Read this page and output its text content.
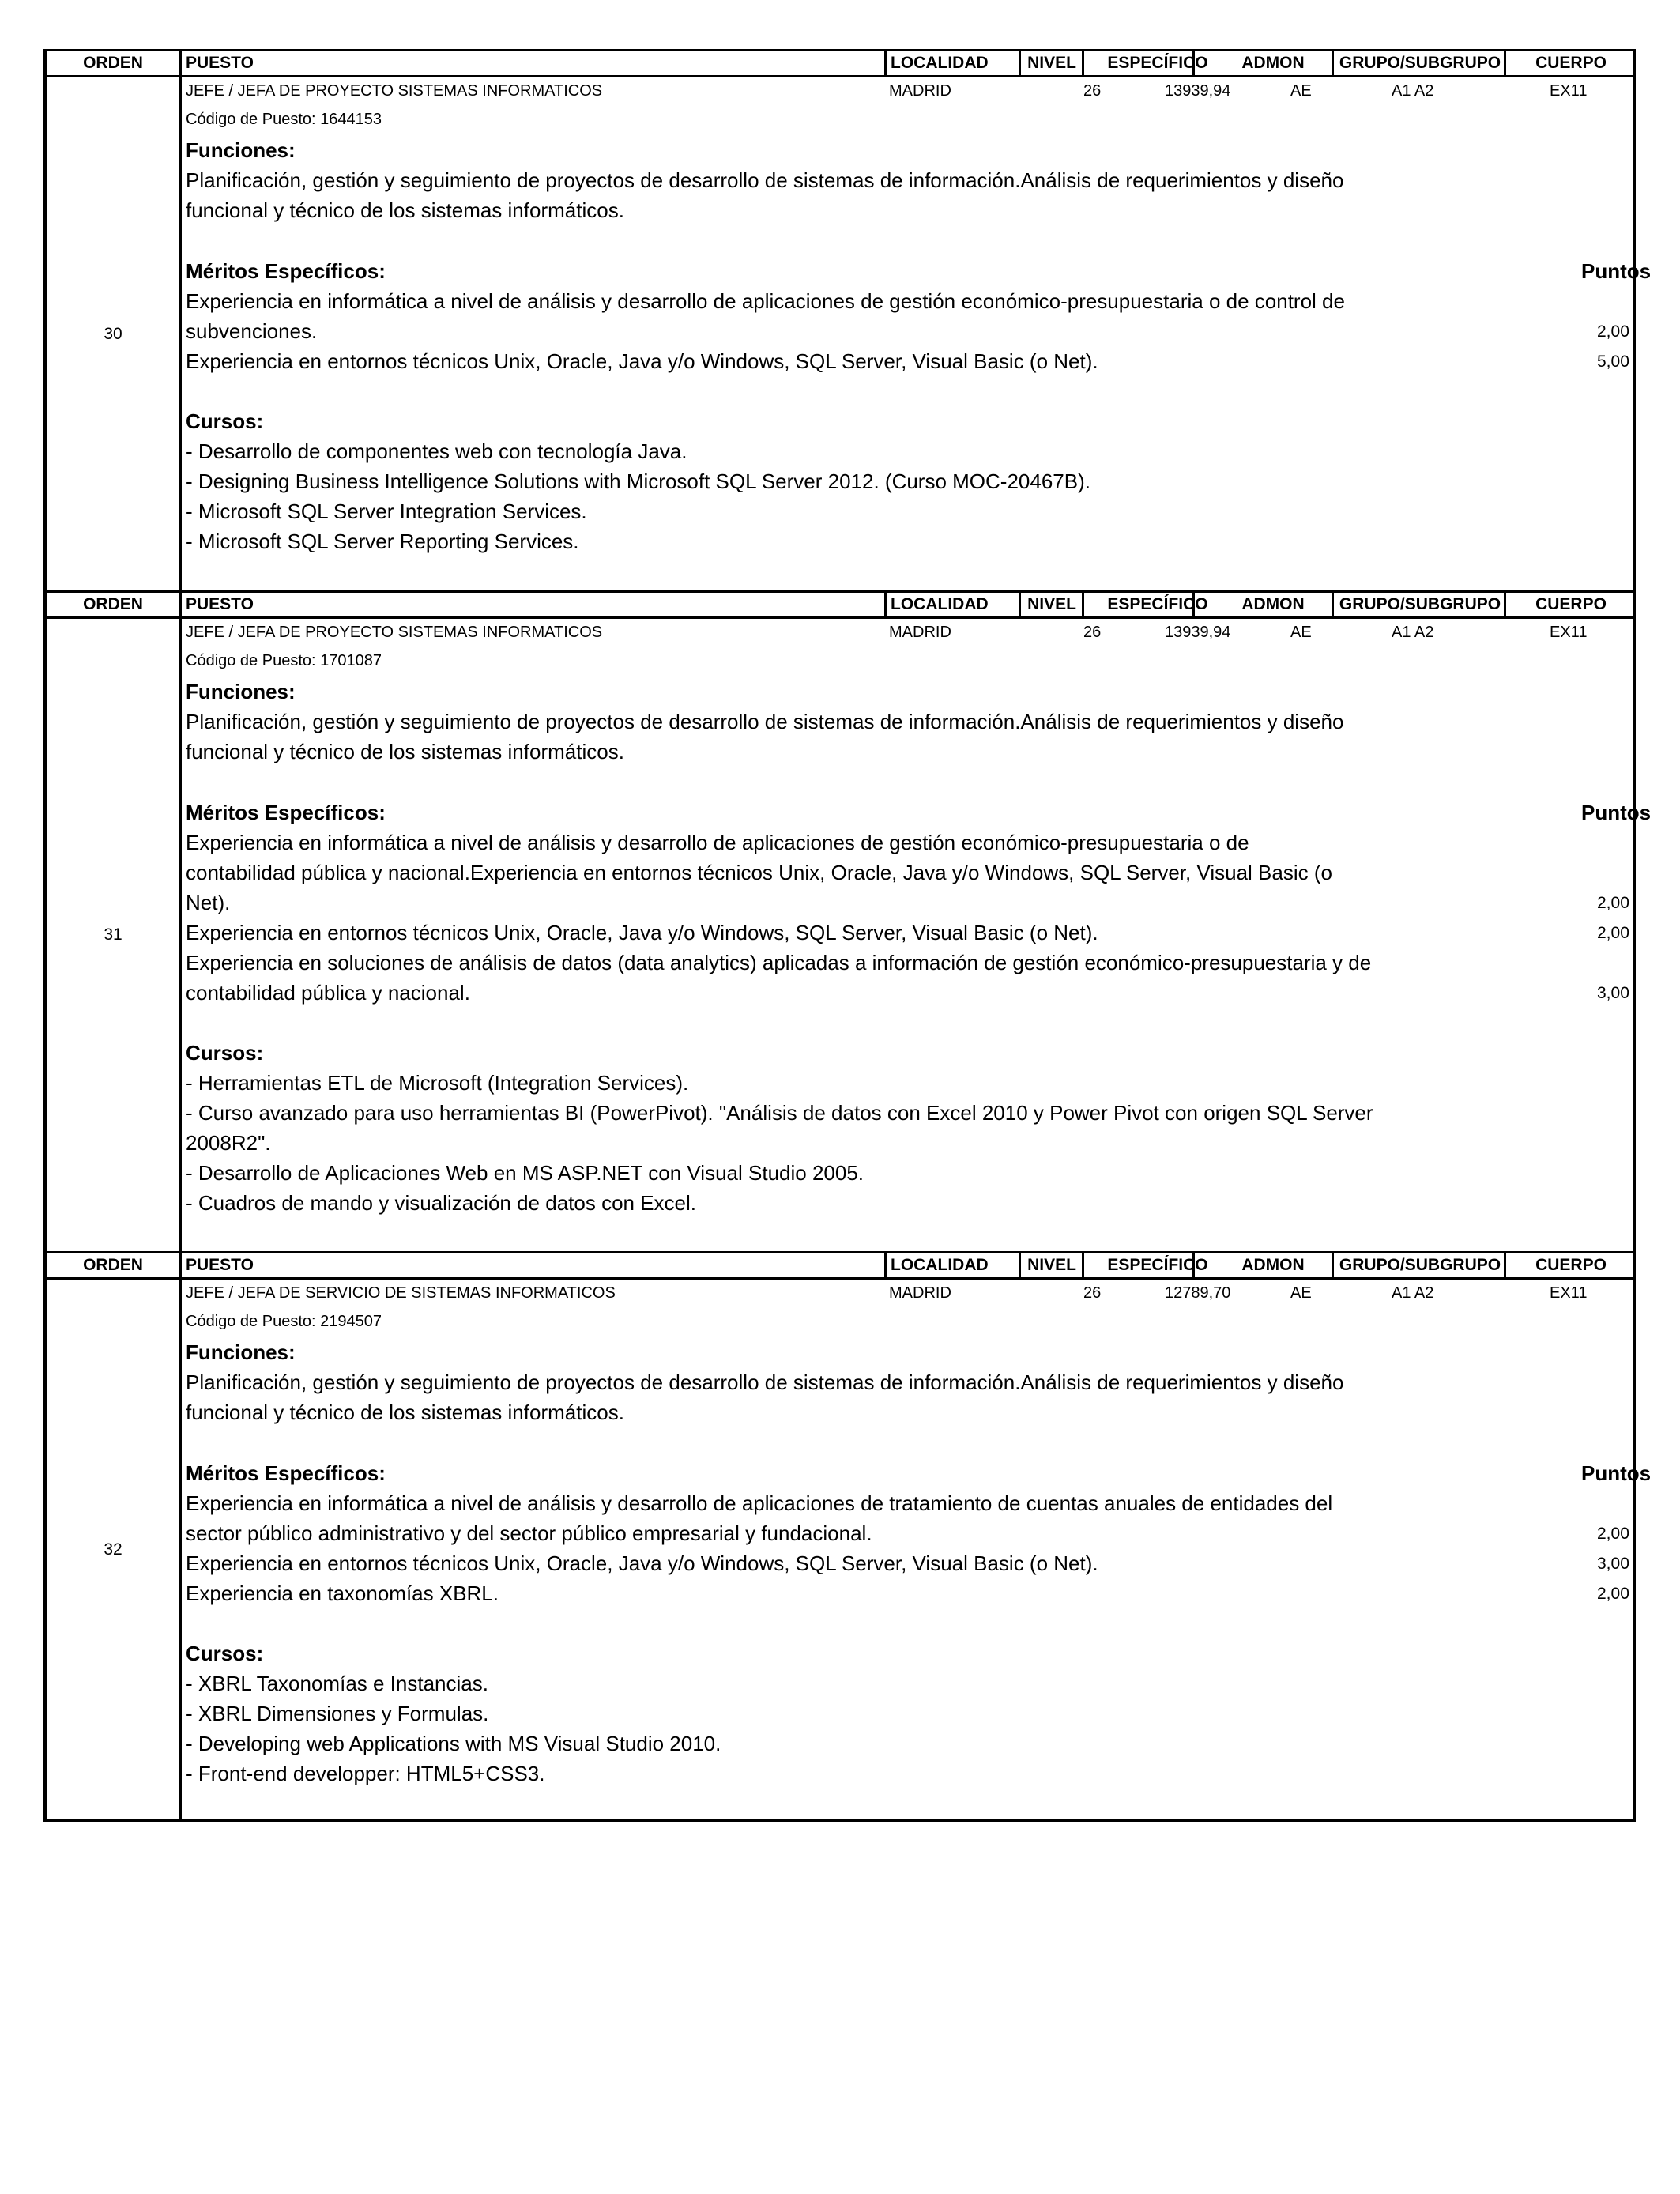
ORDEN	PUESTO	LOCALIDAD	NIVEL	ESPECÍFICO	ADMON	GRUPO/SUBGRUPO	CUERPO
30
JEFE / JEFA DE PROYECTO SISTEMAS INFORMATICOS	MADRID	26	13939,94	AE	A1 A2	EX11
Código de Puesto: 1644153
Funciones:
Planificación, gestión y seguimiento de proyectos de desarrollo de sistemas de información.Análisis de requerimientos y diseño
funcional y técnico de los sistemas informáticos.
Méritos Específicos:	Puntos
Experiencia en informática a nivel de análisis y desarrollo de aplicaciones de gestión económico-presupuestaria o de control de
subvenciones.	2,00
Experiencia en entornos técnicos Unix, Oracle, Java y/o Windows, SQL Server, Visual Basic (o Net).	5,00
Cursos:
- Desarrollo de componentes web con tecnología Java.
- Designing Business Intelligence Solutions with Microsoft SQL Server 2012. (Curso MOC-20467B).
- Microsoft SQL Server Integration Services.
- Microsoft SQL Server Reporting Services.
ORDEN	PUESTO	LOCALIDAD	NIVEL	ESPECÍFICO	ADMON	GRUPO/SUBGRUPO	CUERPO
31
JEFE / JEFA DE PROYECTO SISTEMAS INFORMATICOS	MADRID	26	13939,94	AE	A1 A2	EX11
Código de Puesto: 1701087
Funciones:
Planificación, gestión y seguimiento de proyectos de desarrollo de sistemas de información.Análisis de requerimientos y diseño
funcional y técnico de los sistemas informáticos.
Méritos Específicos:	Puntos
Experiencia en informática a nivel de análisis y desarrollo de aplicaciones de gestión económico-presupuestaria o de
contabilidad pública y nacional.Experiencia en entornos técnicos Unix, Oracle, Java y/o Windows, SQL Server, Visual Basic (o
Net).	2,00
Experiencia en entornos técnicos Unix, Oracle, Java y/o Windows, SQL Server, Visual Basic (o Net).	2,00
Experiencia en soluciones de análisis de datos (data analytics) aplicadas a información de gestión económico-presupuestaria y de
contabilidad pública y nacional.	3,00
Cursos:
- Herramientas ETL de Microsoft (Integration Services).
- Curso avanzado para uso herramientas BI (PowerPivot). "Análisis de datos con Excel 2010 y Power Pivot con origen SQL Server
2008R2".
- Desarrollo de Aplicaciones Web en MS ASP.NET con Visual Studio 2005.
- Cuadros de mando y visualización de datos con Excel.
ORDEN	PUESTO	LOCALIDAD	NIVEL	ESPECÍFICO	ADMON	GRUPO/SUBGRUPO	CUERPO
32
JEFE / JEFA DE SERVICIO DE SISTEMAS INFORMATICOS	MADRID	26	12789,70	AE	A1 A2	EX11
Código de Puesto: 2194507
Funciones:
Planificación, gestión y seguimiento de proyectos de desarrollo de sistemas de información.Análisis de requerimientos y diseño
funcional y técnico de los sistemas informáticos.
Méritos Específicos:	Puntos
Experiencia en informática a nivel de análisis y desarrollo de aplicaciones de tratamiento de cuentas anuales de entidades del
sector público administrativo y del sector público empresarial y fundacional.	2,00
Experiencia en entornos técnicos Unix, Oracle, Java y/o Windows, SQL Server, Visual Basic (o Net).	3,00
Experiencia en taxonomías XBRL.	2,00
Cursos:
- XBRL Taxonomías e Instancias.
- XBRL Dimensiones y Formulas.
- Developing web Applications with MS Visual Studio 2010.
- Front-end developper: HTML5+CSS3.
